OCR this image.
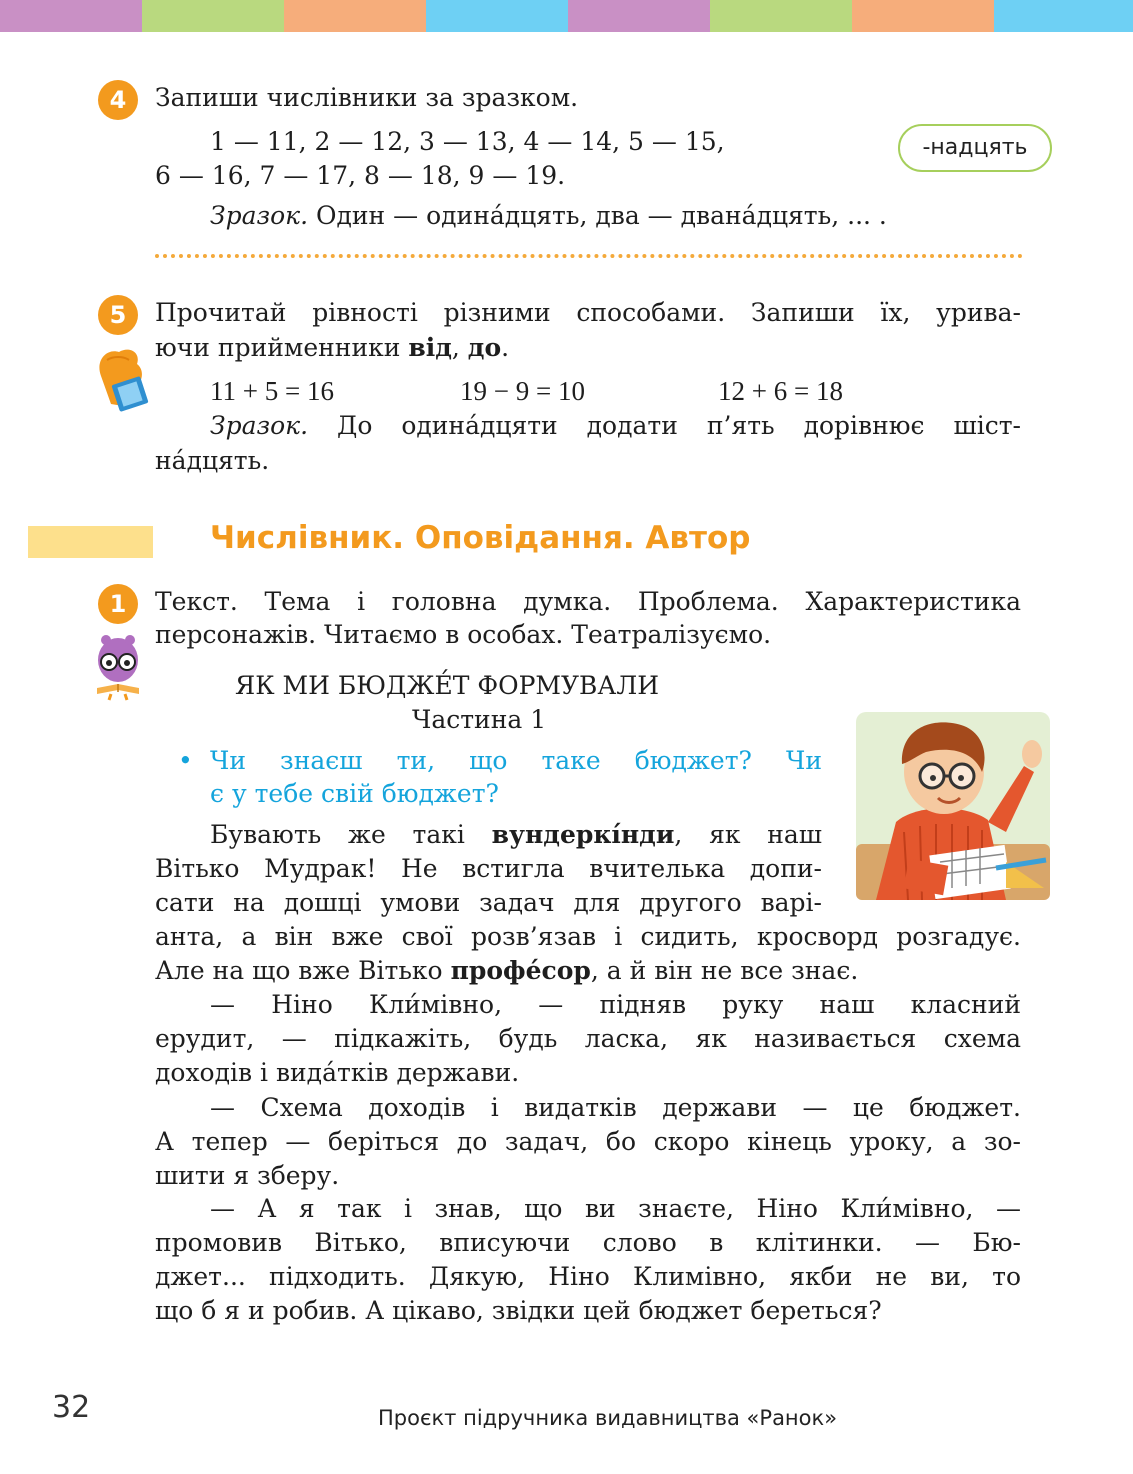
4	Запиши числівники за зразком.
1 — 11, 2 — 12, 3 — 13, 4 — 14, 5 — 15,
6 — 16, 7 — 17, 8 — 18, 9 — 19.
Зразок. Один — одина́дцять, два — двана́дцять, ... .
-надцять
5	Прочитай рівності різними способами. Запиши їх, урива-
ючи прийменники від, до.
11 + 5 = 16	19 − 9 = 10	12 + 6 = 18
Зразок. До одина́дцяти додати п’ять дорівнює шіст-
на́дцять.
Числівник. Оповідання. Автор
1	Текст. Тема і головна думка. Проблема. Характеристика
персонажів. Читаємо в особах. Театралізуємо.
ЯК МИ БЮДЖЕ́Т ФОРМУВАЛИ
Частина 1
• Чи знаєш ти, що таке бюджет? Чи
є у тебе свій бюджет?
Бувають же такі вундеркі́нди, як наш
Вітько Мудрак! Не встигла вчителька допи-
сати на дошці умови задач для другого варі-
анта, а він вже свої розв’язав і сидить, кросворд розгадує.
Але на що вже Вітько профе́сор, а й він не все знає.
— Ніно Кли́мівно, — підняв руку наш класний
ерудит, — підкажіть, будь ласка, як називається схема
доходів і вида́тків держави.
— Схема доходів і видатків держави — це бюджет.
А тепер — беріться до задач, бо скоро кінець уроку, а зо-
шити я зберу.
— А я так і знав, що ви знаєте, Ніно Кли́мівно, —
промовив Вітько, вписуючи слово в клітинки. — Бю-
джет... підходить. Дякую, Ніно Климівно, якби не ви, то
що б я и робив. А цікаво, звідки цей бюджет береться?
32	Проєкт підручника видавництва «Ранок»
